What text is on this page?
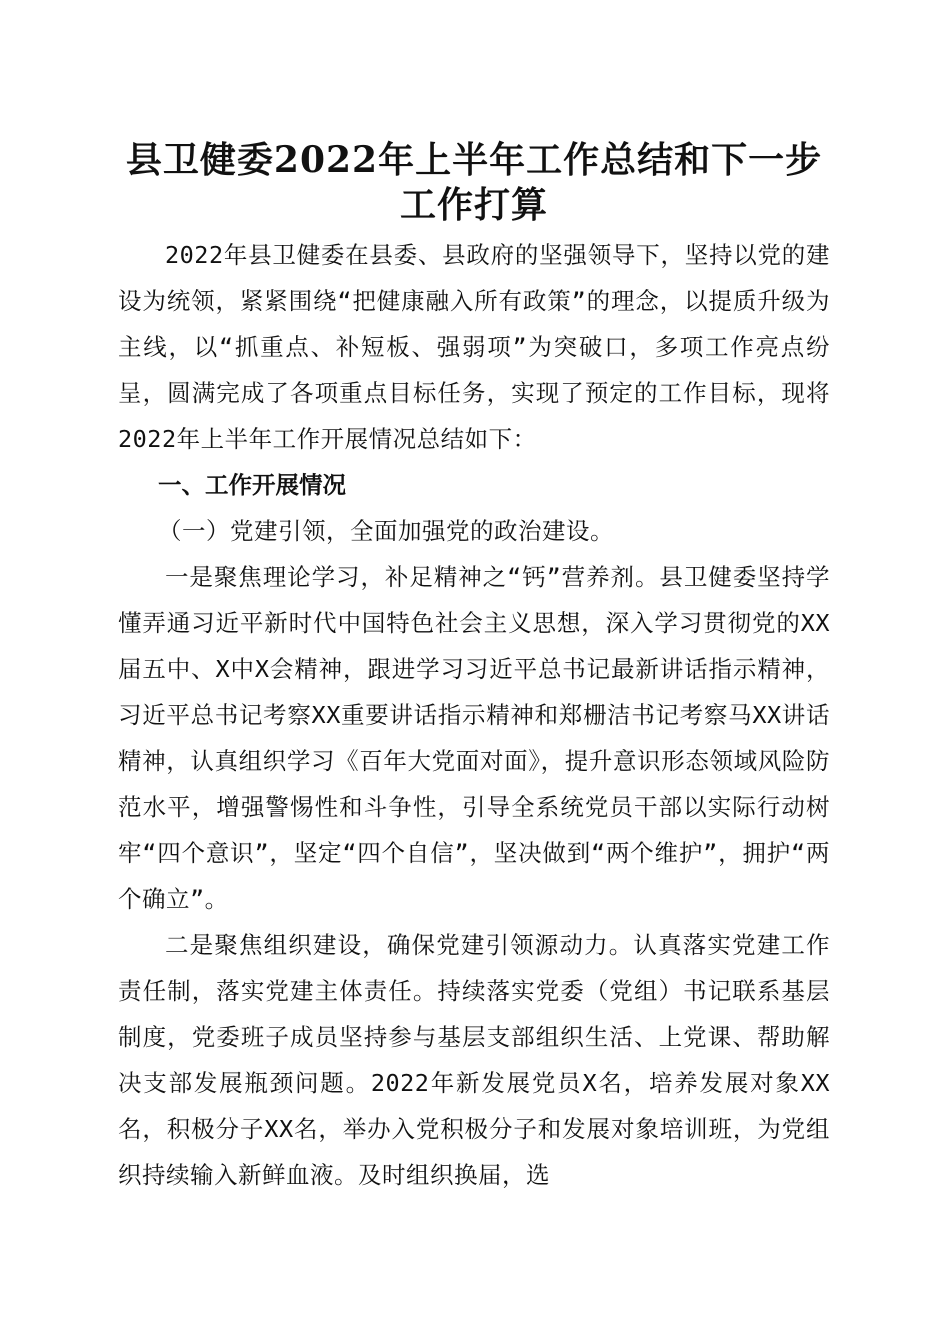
县卫健委2022年上半年工作总结和下一步工作打算

2022年县卫健委在县委、县政府的坚强领导下，坚持以党的建设为统领，紧紧围绕“把健康融入所有政策”的理念，以提质升级为主线，以“抓重点、补短板、强弱项”为突破口，多项工作亮点纷呈，圆满完成了各项重点目标任务，实现了预定的工作目标，现将2022年上半年工作开展情况总结如下：

一、工作开展情况

（一）党建引领，全面加强党的政治建设。

一是聚焦理论学习，补足精神之“钙”营养剂。县卫健委坚持学懂弄通习近平新时代中国特色社会主义思想，深入学习贯彻党的XX届五中、X中X会精神，跟进学习习近平总书记最新讲话指示精神，习近平总书记考察XX重要讲话指示精神和郑栅洁书记考察马XX讲话精神，认真组织学习《百年大党面对面》，提升意识形态领域风险防范水平，增强警惕性和斗争性，引导全系统党员干部以实际行动树牢“四个意识”，坚定“四个自信”，坚决做到“两个维护”，拥护“两个确立”。

二是聚焦组织建设，确保党建引领源动力。认真落实党建工作责任制，落实党建主体责任。持续落实党委（党组）书记联系基层制度，党委班子成员坚持参与基层支部组织生活、上党课、帮助解决支部发展瓶颈问题。2022年新发展党员X名，培养发展对象XX名，积极分子XX名，举办入党积极分子和发展对象培训班，为党组织持续输入新鲜血液。及时组织换届，选
